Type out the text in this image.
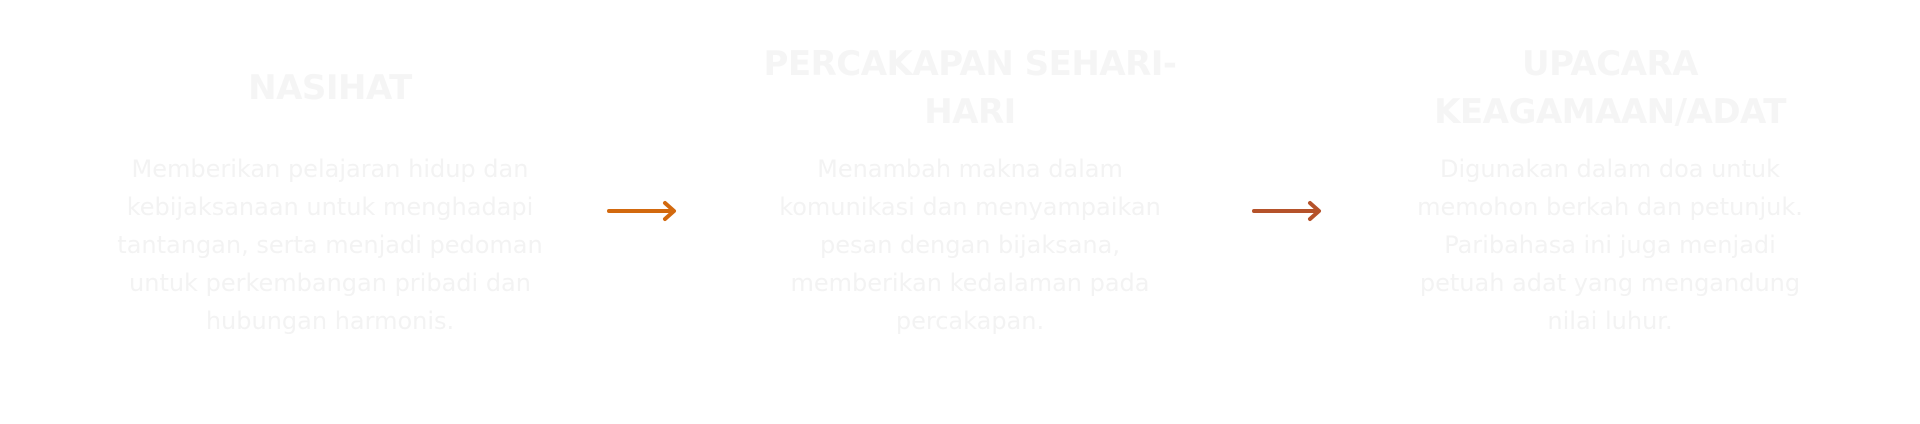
NASIHAT

Memberikan pelajaran hidup dan kebijaksanaan untuk menghadapi tantangan, serta menjadi pedoman untuk perkembangan pribadi dan hubungan harmonis.

PERCAKAPAN SEHARI-HARI

Menambah makna dalam komunikasi dan menyampaikan pesan dengan bijaksana, memberikan kedalaman pada percakapan.

UPACARA KEAGAMAAN/ADAT

Digunakan dalam doa untuk memohon berkah dan petunjuk. Paribahasa ini juga menjadi petuah adat yang mengandung nilai luhur.
